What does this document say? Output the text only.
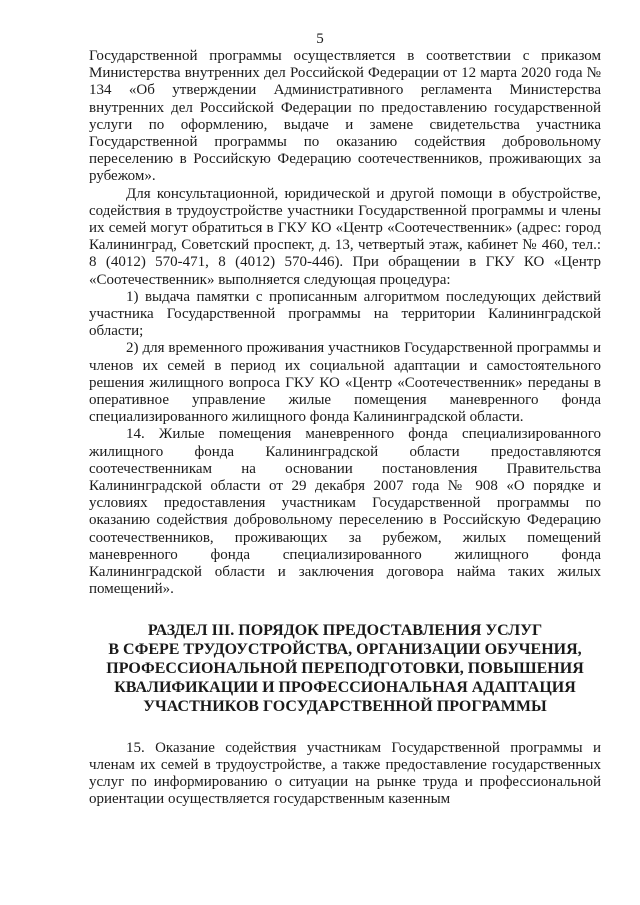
5

Государственной программы осуществляется в соответствии с приказом Министерства внутренних дел Российской Федерации от 12 марта 2020 года № 134 «Об утверждении Административного регламента Министерства внутренних дел Российской Федерации по предоставлению государственной услуги по оформлению, выдаче и замене свидетельства участника Государственной программы по оказанию содействия добровольному переселению в Российскую Федерацию соотечественников, проживающих за рубежом».

Для консультационной, юридической и другой помощи в обустройстве, содействия в трудоустройстве участники Государственной программы и члены их семей могут обратиться в ГКУ КО «Центр «Соотечественник» (адрес: город Калининград, Советский проспект, д. 13, четвертый этаж, кабинет № 460, тел.: 8 (4012) 570-471, 8 (4012) 570-446). При обращении в ГКУ КО «Центр «Соотечественник» выполняется следующая процедура:

1) выдача памятки с прописанным алгоритмом последующих действий участника Государственной программы на территории Калининградской области;

2) для временного проживания участников Государственной программы и членов их семей в период их социальной адаптации и самостоятельного решения жилищного вопроса ГКУ КО «Центр «Соотечественник» переданы в оперативное управление жилые помещения маневренного фонда специализированного жилищного фонда Калининградской области.

14. Жилые помещения маневренного фонда специализированного жилищного фонда Калининградской области предоставляются соотечественникам на основании постановления Правительства Калининградской области от 29 декабря 2007 года № 908 «О порядке и условиях предоставления участникам Государственной программы по оказанию содействия добровольному переселению в Российскую Федерацию соотечественников, проживающих за рубежом, жилых помещений маневренного фонда специализированного жилищного фонда Калининградской области и заключения договора найма таких жилых помещений».

РАЗДЕЛ III. ПОРЯДОК ПРЕДОСТАВЛЕНИЯ УСЛУГ
В СФЕРЕ ТРУДОУСТРОЙСТВА, ОРГАНИЗАЦИИ ОБУЧЕНИЯ,
ПРОФЕССИОНАЛЬНОЙ ПЕРЕПОДГОТОВКИ, ПОВЫШЕНИЯ
КВАЛИФИКАЦИИ И ПРОФЕССИОНАЛЬНАЯ АДАПТАЦИЯ
УЧАСТНИКОВ ГОСУДАРСТВЕННОЙ ПРОГРАММЫ

15. Оказание содействия участникам Государственной программы и членам их семей в трудоустройстве, а также предоставление государственных услуг по информированию о ситуации на рынке труда и профессиональной ориентации осуществляется государственным казенным
